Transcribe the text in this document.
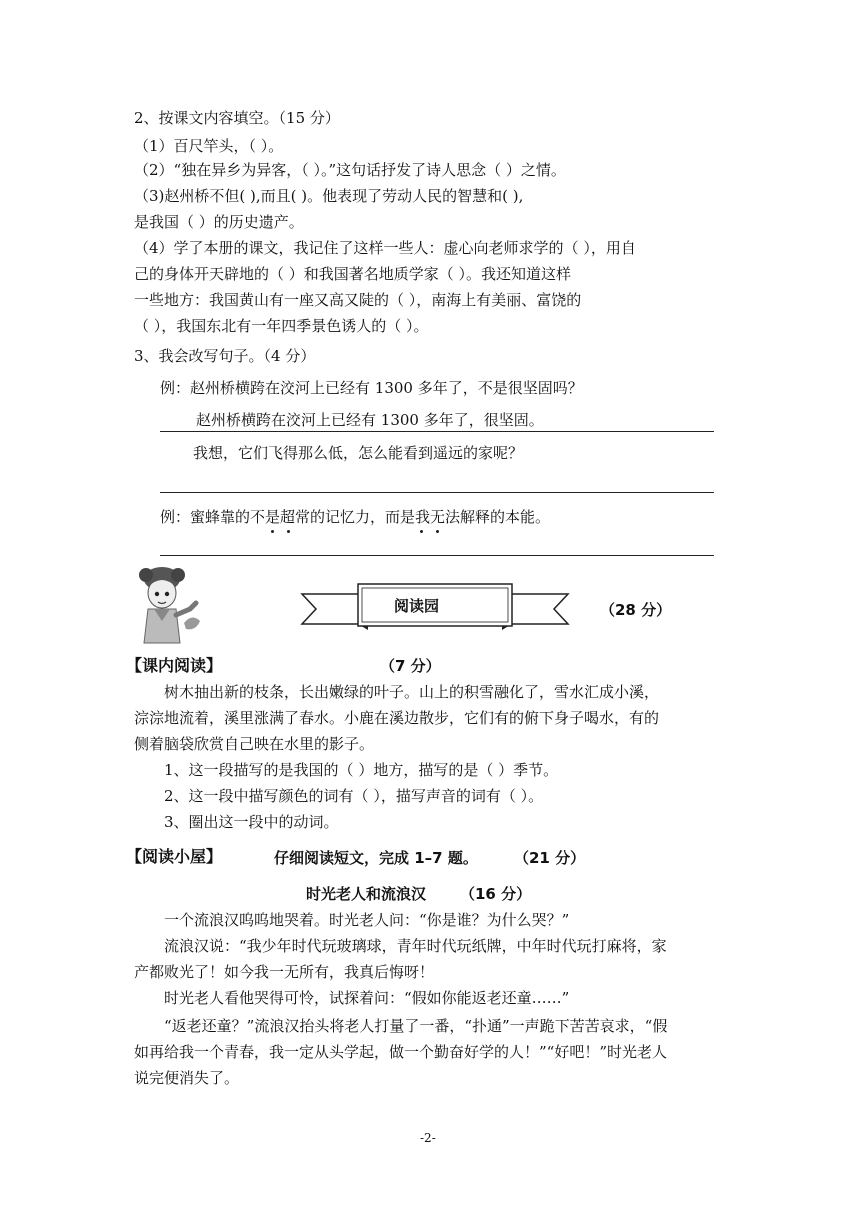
2、按课文内容填空。（15 分）
（1）百尺竿头，（ ）。
（2）“独在异乡为异客，（ ）。”这句话抒发了诗人思念（ ）之情。
（3)赵州桥不但( ),而且( )。他表现了劳动人民的智慧和( ),
是我国（ ）的历史遗产。
（4）学了本册的课文，我记住了这样一些人：虚心向老师求学的（ ），用自
己的身体开天辟地的（ ）和我国著名地质学家（ ）。我还知道这样
一些地方：我国黄山有一座又高又陡的（ ），南海上有美丽、富饶的
（ ），我国东北有一年四季景色诱人的（ ）。
3、我会改写句子。（4 分）
例：赵州桥横跨在洨河上已经有 1300 多年了，不是很坚固吗？
赵州桥横跨在洨河上已经有 1300 多年了，很坚固。
我想，它们飞得那么低，怎么能看到遥远的家呢？
例：蜜蜂靠的不是超常的记忆力，而是我无法解释的本能。
阅读园	（28 分）
【课内阅读】	（7 分）
树木抽出新的枝条，长出嫩绿的叶子。山上的积雪融化了，雪水汇成小溪，
淙淙地流着，溪里涨满了春水。小鹿在溪边散步，它们有的俯下身子喝水，有的
侧着脑袋欣赏自己映在水里的影子。
1、这一段描写的是我国的（ ）地方，描写的是（ ）季节。
2、这一段中描写颜色的词有（ ），描写声音的词有（ ）。
3、圈出这一段中的动词。
【阅读小屋】	仔细阅读短文，完成 1–7 题。 （21 分）
时光老人和流浪汉 （16 分）
一个流浪汉呜呜地哭着。时光老人问：“你是谁？为什么哭？”
流浪汉说：“我少年时代玩玻璃球，青年时代玩纸牌，中年时代玩打麻将，家
产都败光了！如今我一无所有，我真后悔呀！
时光老人看他哭得可怜，试探着问：“假如你能返老还童……”
“返老还童？”流浪汉抬头将老人打量了一番，“扑通”一声跪下苦苦哀求，“假
如再给我一个青春，我一定从头学起，做一个勤奋好学的人！”“好吧！”时光老人
说完便消失了。
-2-
